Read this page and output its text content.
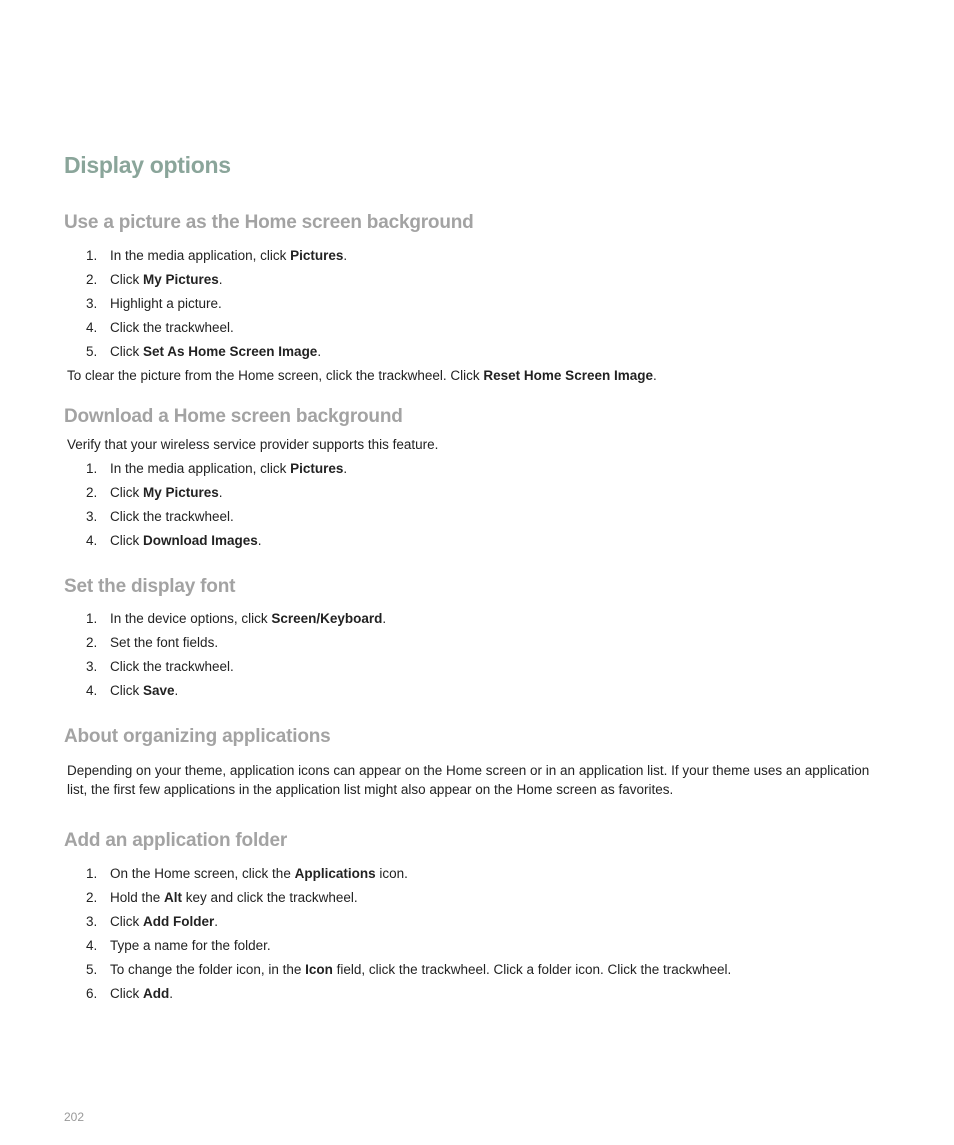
Display options
Use a picture as the Home screen background
1. In the media application, click Pictures.
2. Click My Pictures.
3. Highlight a picture.
4. Click the trackwheel.
5. Click Set As Home Screen Image.

To clear the picture from the Home screen, click the trackwheel. Click Reset Home Screen Image.

Download a Home screen background

Verify that your wireless service provider supports this feature.

1. In the media application, click Pictures.
2. Click My Pictures.
3. Click the trackwheel.
4. Click Download Images.
Set the display font
1. In the device options, click Screen/Keyboard.
2. Set the font fields.
3. Click the trackwheel.
4. Click Save.
About organizing applications

Depending on your theme, application icons can appear on the Home screen or in an application list. If your theme uses an application

list, the first few applications in the application list might also appear on the Home screen as favorites.

Add an application folder
1. On the Home screen, click the Applications icon.
2. Hold the Alt key and click the trackwheel.
3. Click Add Folder.
4. Type a name for the folder.
5. To change the folder icon, in the Icon field, click the trackwheel. Click a folder icon. Click the trackwheel.
6. Click Add.
202
